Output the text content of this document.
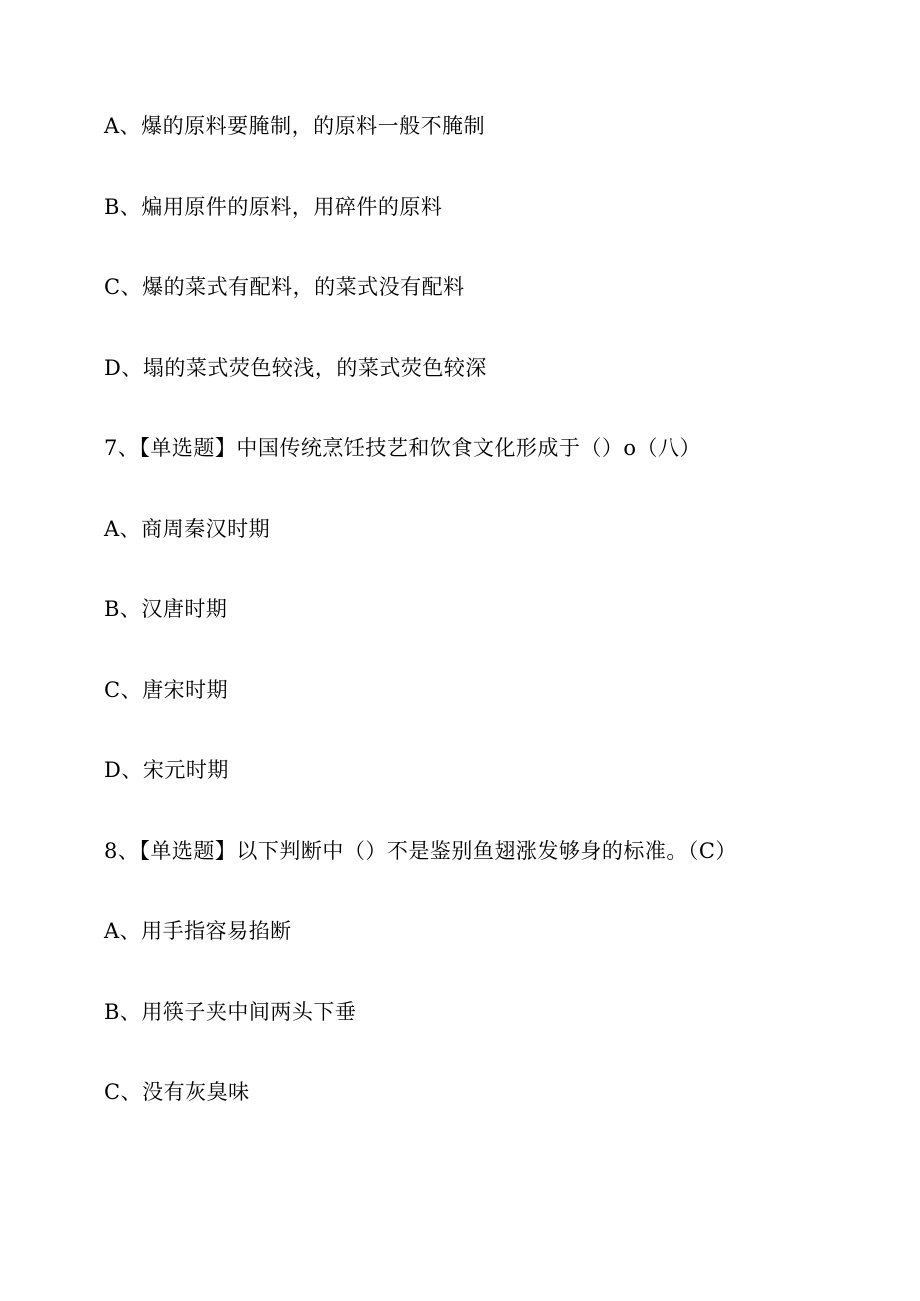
A、爆的原料要腌制，的原料一般不腌制
B、煸用原件的原料，用碎件的原料
C、爆的菜式有配料，的菜式没有配料
D、塌的菜式荧色较浅，的菜式荧色较深
7、【单选题】中国传统烹饪技艺和饮食文化形成于（）o（八）
A、商周秦汉时期
B、汉唐时期
C、唐宋时期
D、宋元时期
8、【单选题】以下判断中（）不是鉴别鱼翅涨发够身的标准。（C）
A、用手指容易掐断
B、用筷子夹中间两头下垂
C、没有灰臭味
